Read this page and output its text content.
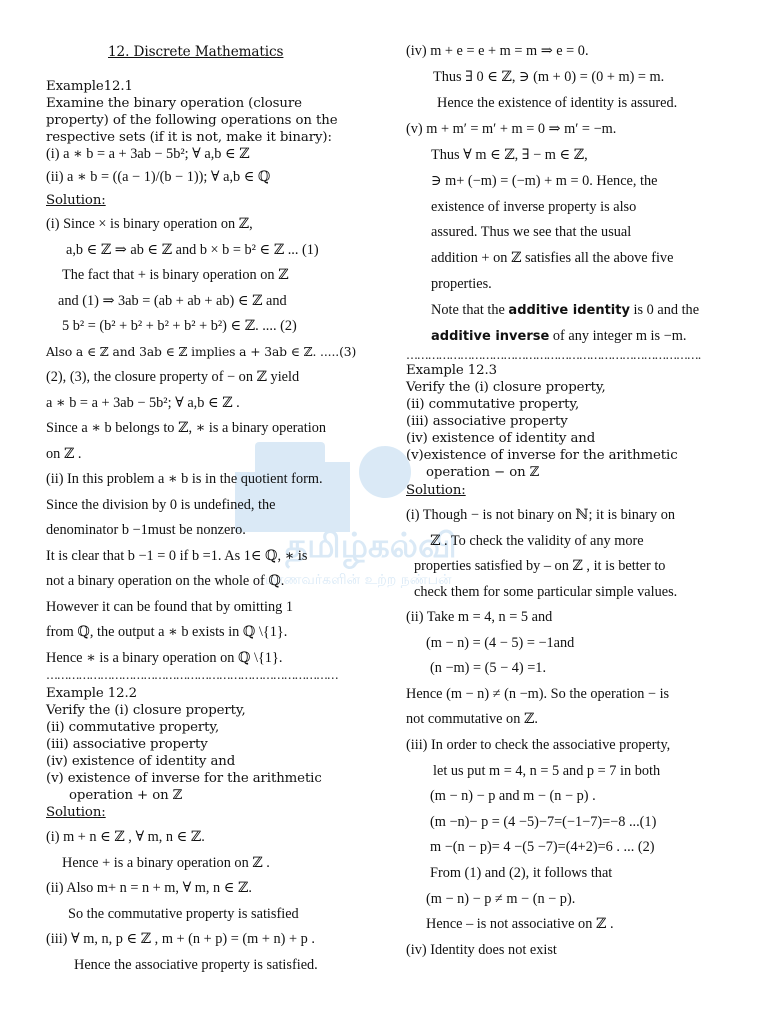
தமிழ்கல்வி
மாணவர்களின் உற்ற நண்பன்
12. Discrete Mathematics
Example12.1
Examine the binary operation (closure
property) of the following operations on the
respective sets (if it is not, make it binary):
(i) a ∗ b = a + 3ab − 5b²; ∀ a,b ∈ ℤ
(ii) a ∗ b = ((a − 1)/(b − 1)); ∀ a,b ∈ ℚ
Solution:
(i) Since × is binary operation on ℤ,
a,b ∈ ℤ ⇒ ab ∈ ℤ and b × b = b² ∈ ℤ ... (1)
The fact that + is binary operation on ℤ
and (1) ⇒ 3ab = (ab + ab + ab) ∈ ℤ and
5 b² = (b² + b² + b² + b² + b²) ∈ ℤ. .... (2)
Also a ∈ ℤ and 3ab ∈ ℤ implies a + 3ab ∈ ℤ. .....(3)
(2), (3), the closure property of − on ℤ yield
a ∗ b = a + 3ab − 5b²; ∀ a,b ∈ ℤ .
Since a ∗ b belongs to ℤ, ∗ is a binary operation
on ℤ .
(ii) In this problem a ∗ b is in the quotient form.
Since the division by 0 is undefined, the
denominator b −1must be nonzero.
It is clear that b −1 = 0 if b =1. As 1∈ ℚ, ∗ is
not a binary operation on the whole of ℚ.
However it can be found that by omitting 1
from ℚ, the output a ∗ b exists in ℚ \{1}.
Hence ∗ is a binary operation on ℚ \{1}.
………………………………………………………………………
Example 12.2
Verify the (i) closure property,
(ii) commutative property,
(iii) associative property
(iv) existence of identity and
(v) existence of inverse for the arithmetic
operation + on ℤ
Solution:
(i) m + n ∈ ℤ , ∀ m, n ∈ ℤ.
Hence + is a binary operation on ℤ .
(ii) Also m+ n = n + m, ∀ m, n ∈ ℤ.
So the commutative property is satisfied
(iii) ∀ m, n, p ∈ ℤ , m + (n + p) = (m + n) + p .
Hence the associative property is satisfied.
(iv) m + e = e + m = m ⇒ e = 0.
Thus ∃ 0 ∈ ℤ, ∋ (m + 0) = (0 + m) = m.
Hence the existence of identity is assured.
(v) m + m′ = m′ + m = 0 ⇒ m′ = −m.
Thus ∀ m ∈ ℤ, ∃ − m ∈ ℤ,
∋ m+ (−m) = (−m) + m = 0. Hence, the
existence of inverse property is also
assured. Thus we see that the usual
addition + on ℤ satisfies all the above five
properties.
Note that the additive identity is 0 and the
additive inverse of any integer m is −m.
……………………………………………………………………….
Example 12.3
Verify the (i) closure property,
(ii) commutative property,
(iii) associative property
(iv) existence of identity and
(v)existence of inverse for the arithmetic
operation − on ℤ
Solution:
(i) Though − is not binary on ℕ; it is binary on
ℤ . To check the validity of any more
properties satisfied by – on ℤ , it is better to
check them for some particular simple values.
(ii) Take m = 4, n = 5 and
(m − n) = (4 − 5) = −1and
(n −m) = (5 − 4) =1.
Hence (m − n) ≠ (n −m). So the operation − is
not commutative on ℤ.
(iii) In order to check the associative property,
let us put m = 4, n = 5 and p = 7 in both
(m − n) − p and m − (n − p) .
(m −n)− p = (4 −5)−7=(−1−7)=−8 ...(1)
m −(n − p)= 4 −(5 −7)=(4+2)=6 . ... (2)
From (1) and (2), it follows that
(m − n) − p ≠ m − (n − p).
Hence – is not associative on ℤ .
(iv) Identity does not exist
